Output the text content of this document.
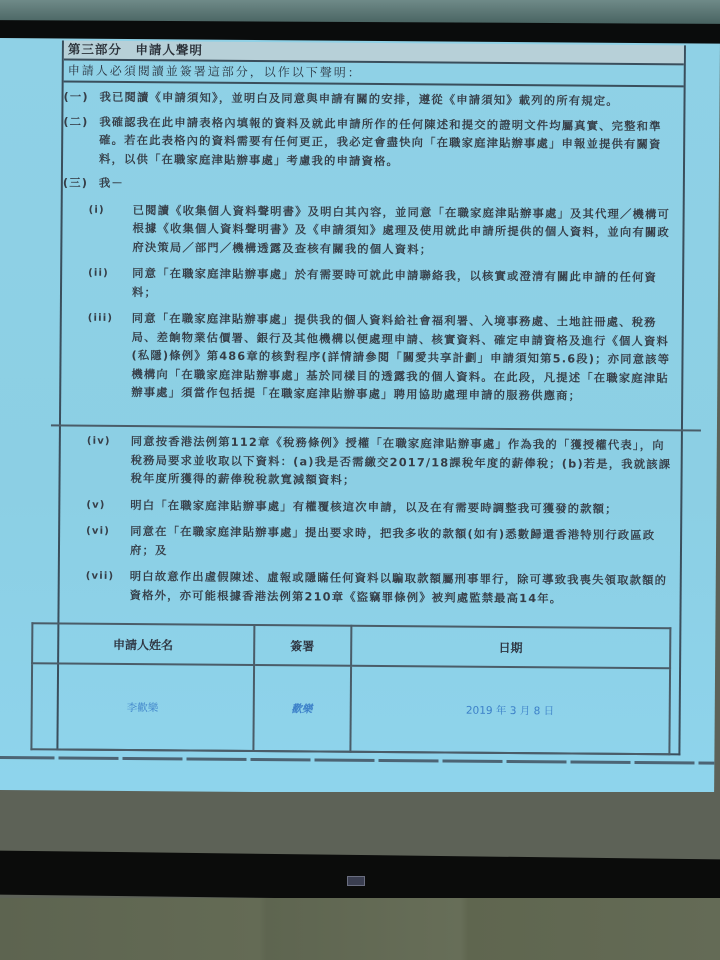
第三部分　申請人聲明
申請人必須閱讀並簽署這部分，以作以下聲明：
(一) 我已閱讀《申請須知》，並明白及同意與申請有關的安排，遵從《申請須知》載列的所有規定。
(二) 我確認我在此申請表格內填報的資料及就此申請所作的任何陳述和提交的證明文件均屬真實、完整和準確。若在此表格內的資料需要有任何更正，我必定會盡快向「在職家庭津貼辦事處」申報並提供有關資料，以供「在職家庭津貼辦事處」考慮我的申請資格。
(三) 我－
(i) 已閱讀《收集個人資料聲明書》及明白其內容，並同意「在職家庭津貼辦事處」及其代理／機構可根據《收集個人資料聲明書》及《申請須知》處理及使用就此申請所提供的個人資料，並向有關政府決策局／部門／機構透露及查核有關我的個人資料；
(ii) 同意「在職家庭津貼辦事處」於有需要時可就此申請聯絡我，以核實或澄清有關此申請的任何資料；
(iii) 同意「在職家庭津貼辦事處」提供我的個人資料給社會福利署、入境事務處、土地註冊處、稅務局、差餉物業估價署、銀行及其他機構以便處理申請、核實資料、確定申請資格及進行《個人資料(私隱)條例》第486章的核對程序(詳情請參閱「關愛共享計劃」申請須知第5.6段)；亦同意該等機構向「在職家庭津貼辦事處」基於同樣目的透露我的個人資料。在此段，凡提述「在職家庭津貼辦事處」須當作包括提「在職家庭津貼辦事處」聘用協助處理申請的服務供應商；
(iv) 同意按香港法例第112章《稅務條例》授權「在職家庭津貼辦事處」作為我的「獲授權代表」，向稅務局要求並收取以下資料：(a)我是否需繳交2017/18課稅年度的薪俸稅；(b)若是，我就該課稅年度所獲得的薪俸稅稅款寬減額資料；
(v) 明白「在職家庭津貼辦事處」有權覆核這次申請，以及在有需要時調整我可獲發的款額；
(vi) 同意在「在職家庭津貼辦事處」提出要求時，把我多收的款額(如有)悉數歸還香港特別行政區政府；及
(vii) 明白故意作出虛假陳述、虛報或隱瞞任何資料以騙取款額屬刑事罪行，除可導致我喪失領取款額的資格外，亦可能根據香港法例第210章《盜竊罪條例》被判處監禁最高14年。
申請人姓名	簽署	日期
李歡樂	歡樂	2019 年 3 月 8 日
